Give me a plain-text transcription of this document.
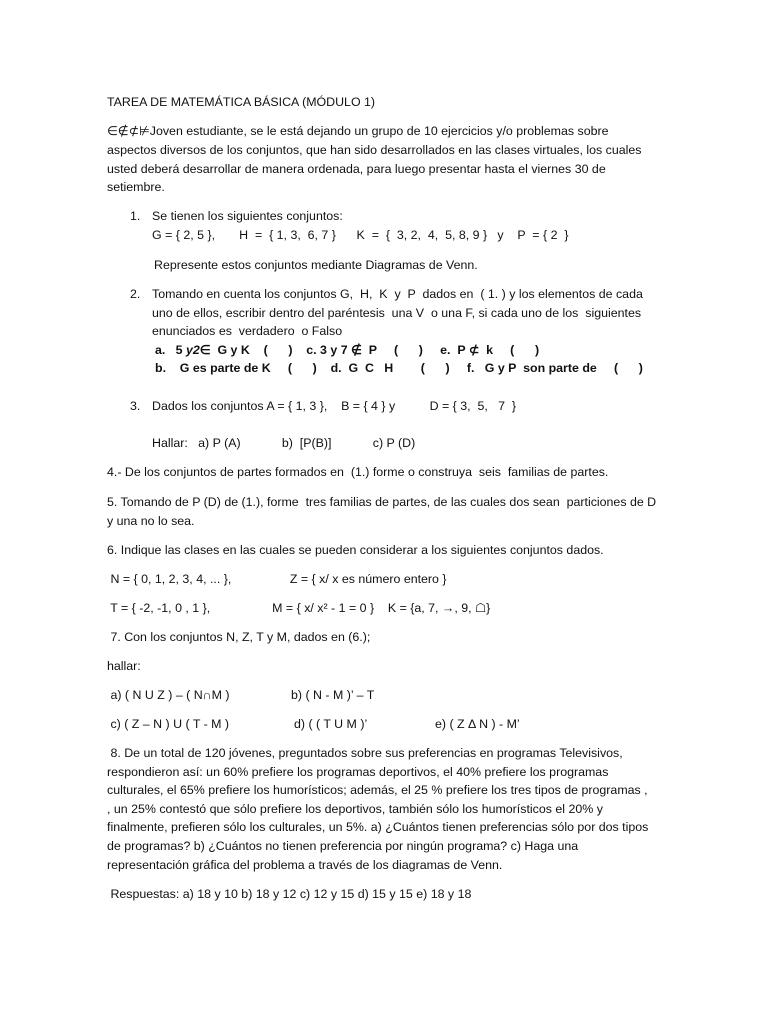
TAREA DE MATEMÁTICA BÁSICA (MÓDULO 1)
∈∉⊄⊭Joven estudiante, se le está dejando un grupo de 10 ejercicios y/o problemas sobre
aspectos diversos de los conjuntos, que han sido desarrollados en las clases virtuales, los cuales
usted deberá desarrollar de manera ordenada, para luego presentar hasta el viernes 30 de
setiembre.
1. Se tienen los siguientes conjuntos:
G = { 2, 5 },       H  =  { 1, 3,  6, 7 }      K  =  {  3, 2,  4,  5, 8, 9 }   y    P  = { 2  }
Represente estos conjuntos mediante Diagramas de Venn.
2. Tomando en cuenta los conjuntos G,  H,  K  y  P  dados en  ( 1. ) y los elementos de cada
uno de ellos, escribir dentro del paréntesis  una V  o una F, si cada uno de los  siguientes
enunciados es  verdadero  o Falso
a.   5 y2∈  G y K    (      )    c. 3 y 7 ∉  P     (      )     e.  P ⊄  k     (      )
b.    G es parte de K     (      )    d.  G  C   H        (      )     f.   G y P  son parte de     (      )
3. Dados los conjuntos A = { 1, 3 },    B = { 4 } y          D = { 3,  5,   7  }
Hallar:   a) P (A)            b)  [P(B)]            c) P (D)
4.- De los conjuntos de partes formados en  (1.) forme o construya  seis  familias de partes.
5. Tomando de P (D) de (1.), forme  tres familias de partes, de las cuales dos sean  particiones de D
y una no lo sea.
6. Indique las clases en las cuales se pueden considerar a los siguientes conjuntos dados.
N = { 0, 1, 2, 3, 4, ... },                 Z = { x/ x es número entero }
T = { -2, -1, 0 , 1 },                  M = { x/ x² - 1 = 0 }    K = {a, 7, →, 9, ☖}
7. Con los conjuntos N, Z, T y M, dados en (6.);
hallar:
a) ( N U Z ) – ( N∩M )	b) ( N - M )’ – T
c) ( Z – N ) U ( T - M )	d) ( ( T U M )’	e) ( Z Δ N ) - M’
8. De un total de 120 jóvenes, preguntados sobre sus preferencias en programas Televisivos,
respondieron así: un 60% prefiere los programas deportivos, el 40% prefiere los programas
culturales, el 65% prefiere los humorísticos; además, el 25 % prefiere los tres tipos de programas ,
, un 25% contestó que sólo prefiere los deportivos, también sólo los humorísticos el 20% y
finalmente, prefieren sólo los culturales, un 5%. a) ¿Cuántos tienen preferencias sólo por dos tipos
de programas? b) ¿Cuántos no tienen preferencia por ningún programa? c) Haga una
representación gráfica del problema a través de los diagramas de Venn.
Respuestas: a) 18 y 10 b) 18 y 12 c) 12 y 15 d) 15 y 15 e) 18 y 18
